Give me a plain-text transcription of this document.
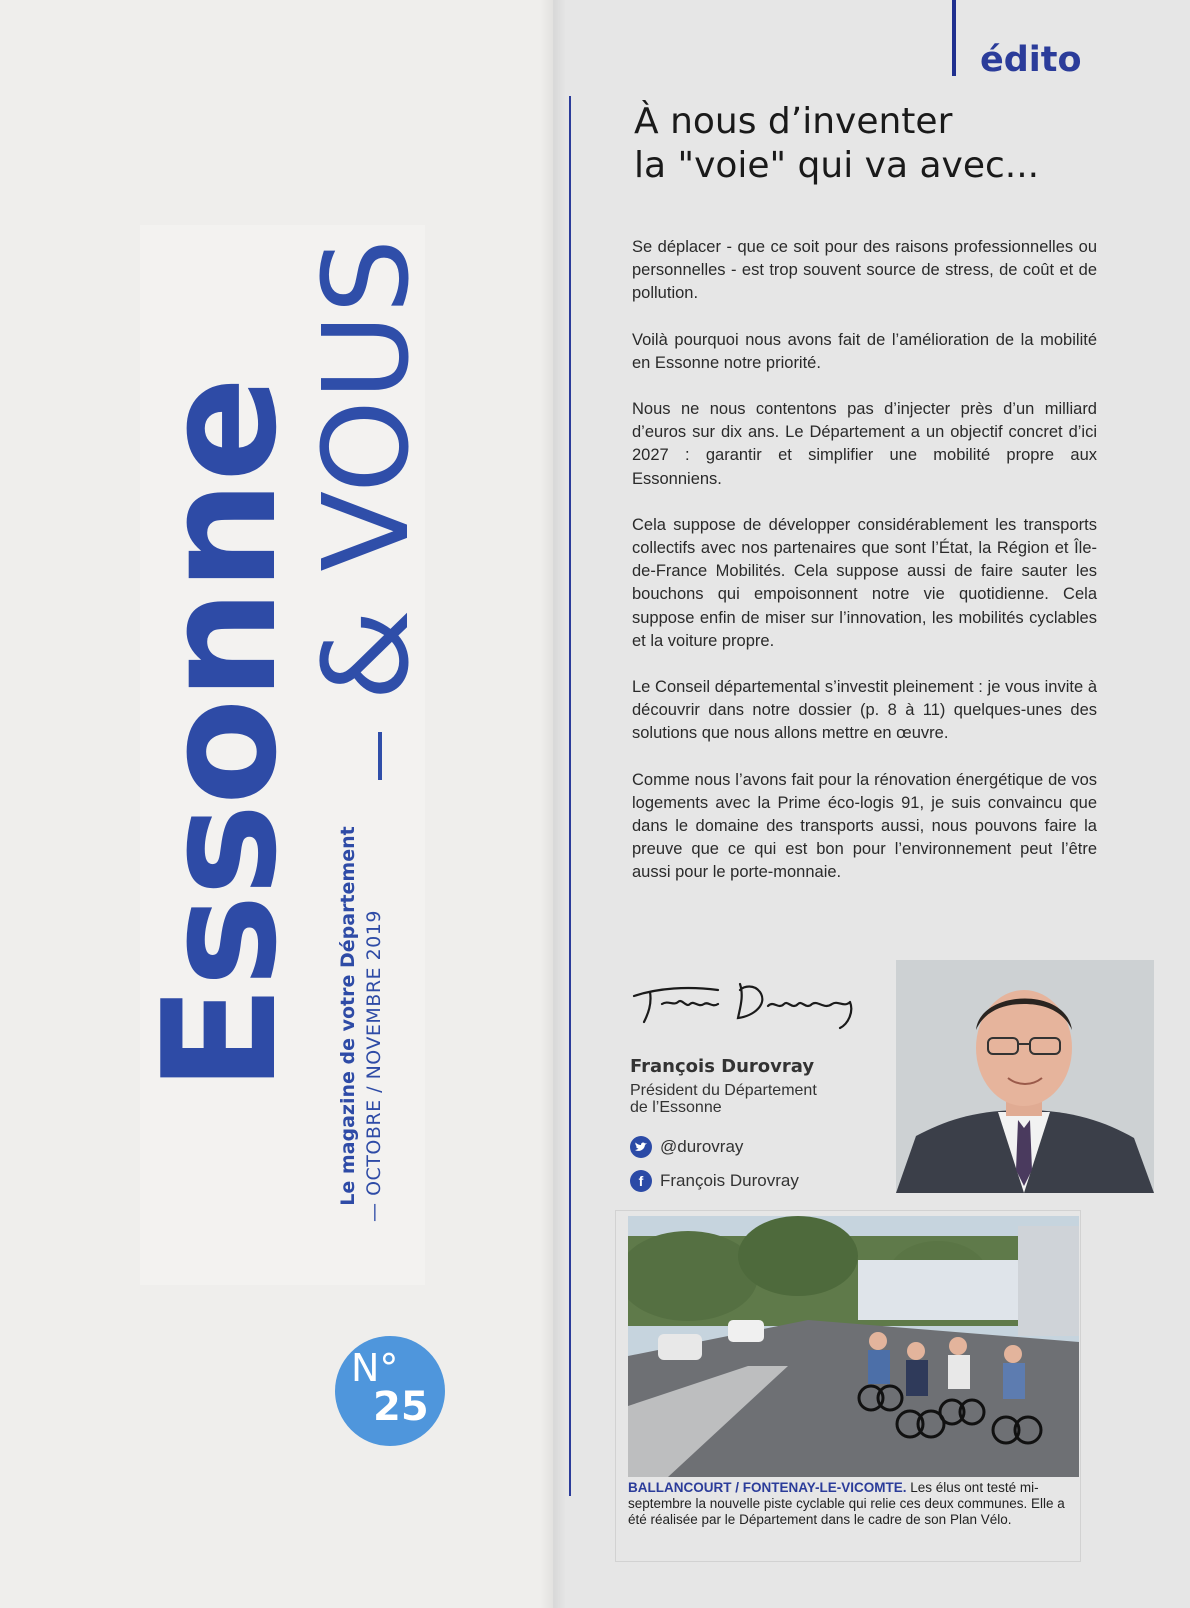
Essonne
& VOUS
Le magazine de votre Département — OCTOBRE / NOVEMBRE 2019
N°
25
édito
À nous d’inventer
la "voie" qui va avec...

Se déplacer - que ce soit pour des raisons professionnelles ou personnelles - est trop souvent source de stress, de coût et de pollution.

Voilà pourquoi nous avons fait de l’amélioration de la mobilité en Essonne notre priorité.

Nous ne nous contentons pas d’injecter près d’un milliard d’euros sur dix ans. Le Département a un objectif concret d’ici 2027 : garantir et simplifier une mobilité propre aux Essonniens.

Cela suppose de développer considérablement les transports collectifs avec nos partenaires que sont l’État, la Région et Île-de-France Mobilités. Cela suppose aussi de faire sauter les bouchons qui empoisonnent notre vie quotidienne. Cela suppose enfin de miser sur l’innovation, les mobilités cyclables et la voiture propre.

Le Conseil départemental s’investit pleinement : je vous invite à découvrir dans notre dossier (p. 8 à 11) quelques-unes des solutions que nous allons mettre en œuvre.

Comme nous l’avons fait pour la rénovation énergétique de vos logements avec la Prime éco-logis 91, je suis convaincu que dans le domaine des transports aussi, nous pouvons faire la preuve que ce qui est bon pour l’environnement peut l’être aussi pour le porte-monnaie.

François Durovray
Président du Département
de l’Essonne
@durovray
f François Durovray
BALLANCOURT / FONTENAY-LE-VICOMTE. Les élus ont testé mi-septembre la nouvelle piste cyclable qui relie ces deux communes. Elle a été réalisée par le Département dans le cadre de son Plan Vélo.
